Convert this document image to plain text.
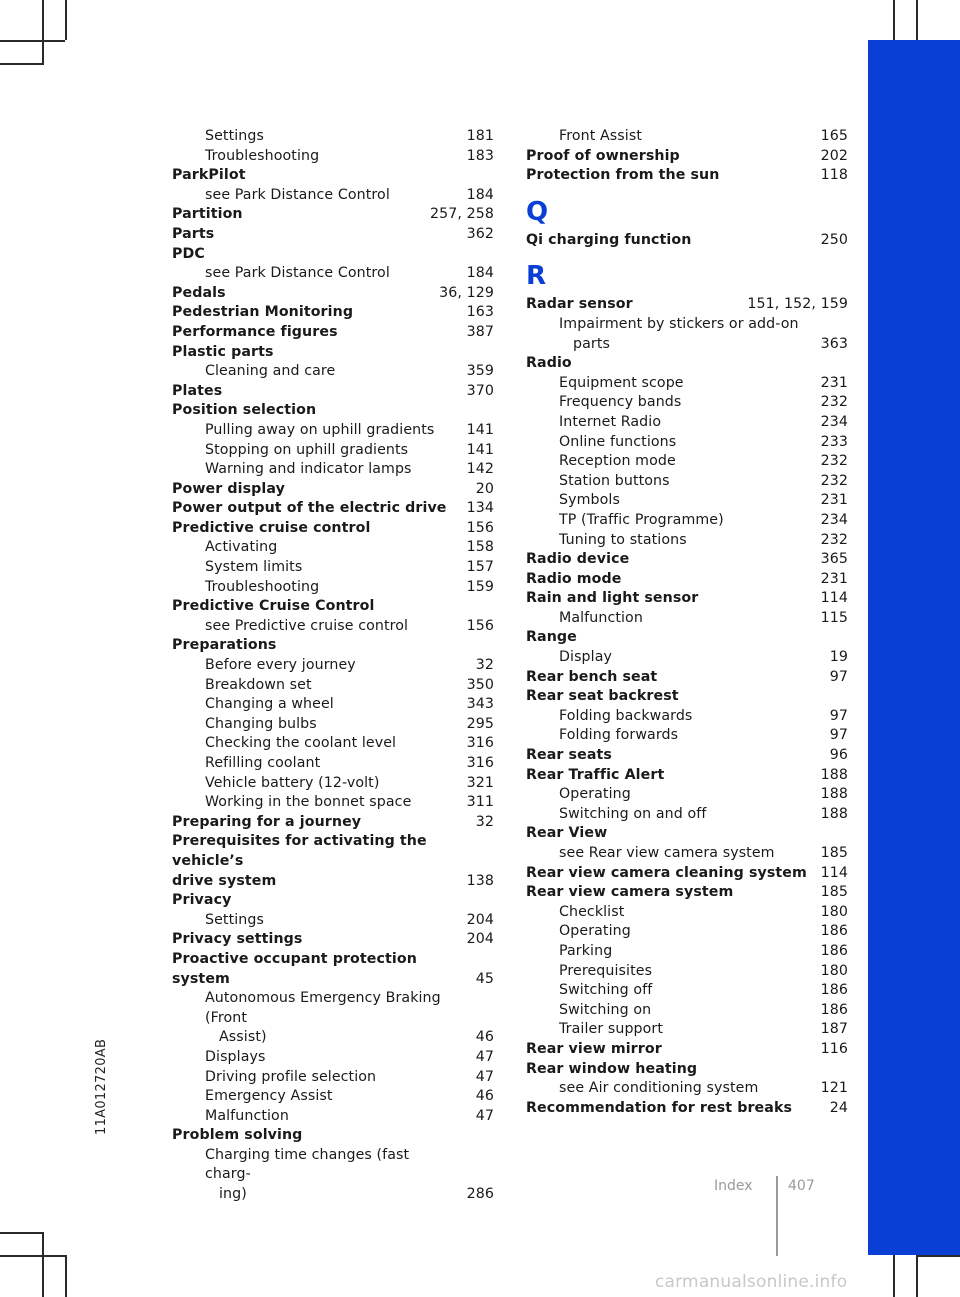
Settings	181
Troubleshooting	183
ParkPilot
see Park Distance Control	184
Partition	257, 258
Parts	362
PDC
see Park Distance Control	184
Pedals	36, 129
Pedestrian Monitoring	163
Performance figures	387
Plastic parts
Cleaning and care	359
Plates	370
Position selection
Pulling away on uphill gradients	141
Stopping on uphill gradients	141
Warning and indicator lamps	142
Power display	20
Power output of the electric drive	134
Predictive cruise control	156
Activating	158
System limits	157
Troubleshooting	159
Predictive Cruise Control
see Predictive cruise control	156
Preparations
Before every journey	32
Breakdown set	350
Changing a wheel	343
Changing bulbs	295
Checking the coolant level	316
Refilling coolant	316
Vehicle battery (12-volt)	321
Working in the bonnet space	311
Preparing for a journey	32
Prerequisites for activating the vehicle’s
drive system	138
Privacy
Settings	204
Privacy settings	204
Proactive occupant protection system	45
Autonomous Emergency Braking (Front
Assist)	46
Displays	47
Driving profile selection	47
Emergency Assist	46
Malfunction	47
Problem solving
Charging time changes (fast charg-
ing)	286
Front Assist	165
Proof of ownership	202
Protection from the sun	118
Q
Qi charging function	250
R
Radar sensor	151, 152, 159
Impairment by stickers or add-on
parts	363
Radio
Equipment scope	231
Frequency bands	232
Internet Radio	234
Online functions	233
Reception mode	232
Station buttons	232
Symbols	231
TP (Traffic Programme)	234
Tuning to stations	232
Radio device	365
Radio mode	231
Rain and light sensor	114
Malfunction	115
Range
Display	19
Rear bench seat	97
Rear seat backrest
Folding backwards	97
Folding forwards	97
Rear seats	96
Rear Traffic Alert	188
Operating	188
Switching on and off	188
Rear View
see Rear view camera system	185
Rear view camera cleaning system 114
Rear view camera system	185
Checklist	180
Operating	186
Parking	186
Prerequisites	180
Switching off	186
Switching on	186
Trailer support	187
Rear view mirror	116
Rear window heating
see Air conditioning system	121
Recommendation for rest breaks	24
11A012720AB
Index	407
carmanualsonline.info
